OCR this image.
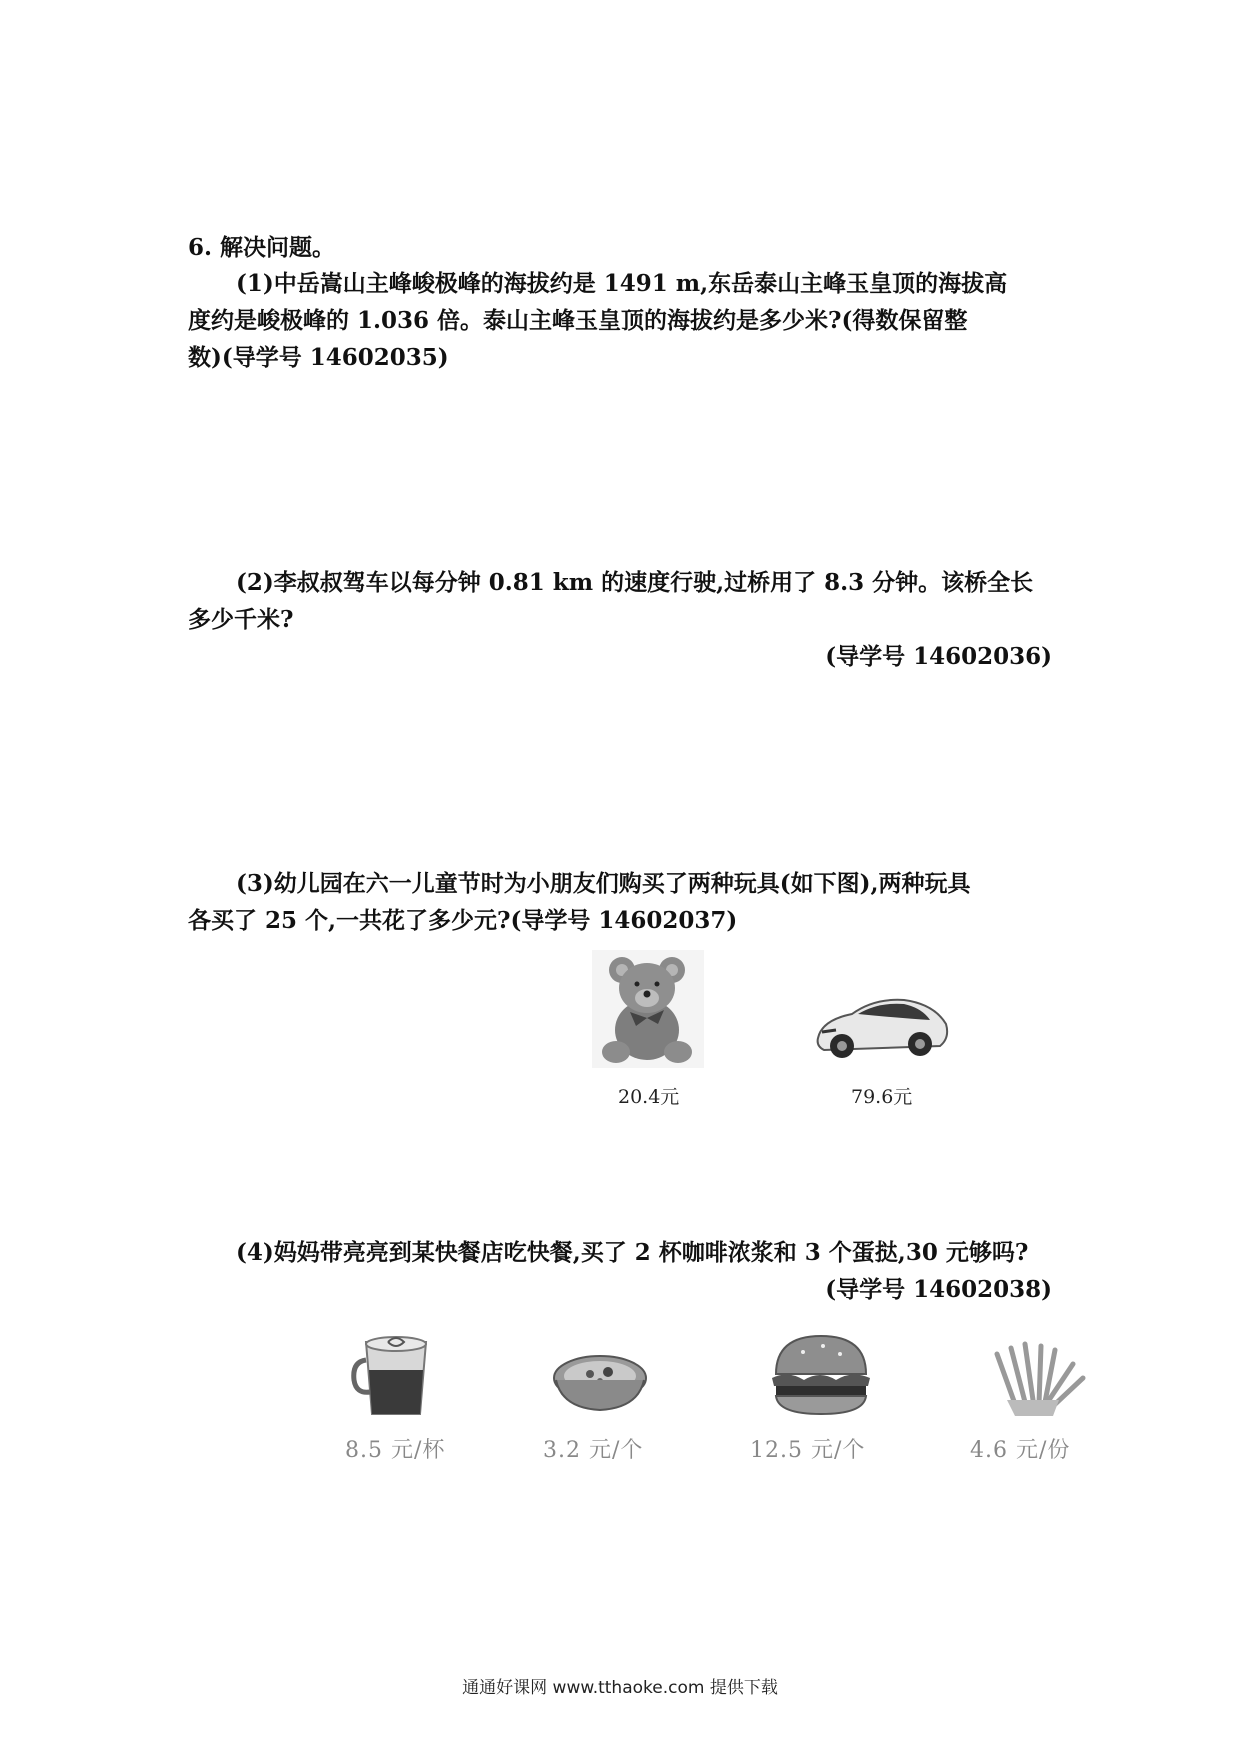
6. 解决问题。
(1)中岳嵩山主峰峻极峰的海拔约是 1491 m,东岳泰山主峰玉皇顶的海拔高
度约是峻极峰的 1.036 倍。泰山主峰玉皇顶的海拔约是多少米?(得数保留整
数)(导学号 14602035)
(2)李叔叔驾车以每分钟 0.81 km 的速度行驶,过桥用了 8.3 分钟。该桥全长
多少千米?
(导学号 14602036)
(3)幼儿园在六一儿童节时为小朋友们购买了两种玩具(如下图),两种玩具
各买了 25 个,一共花了多少元?(导学号 14602037)
20.4元	79.6元
(4)妈妈带亮亮到某快餐店吃快餐,买了 2 杯咖啡浓浆和 3 个蛋挞,30 元够吗?
(导学号 14602038)
8.5 元/杯	3.2 元/个	12.5 元/个	4.6 元/份
通通好课网 www.tthaoke.com 提供下载
